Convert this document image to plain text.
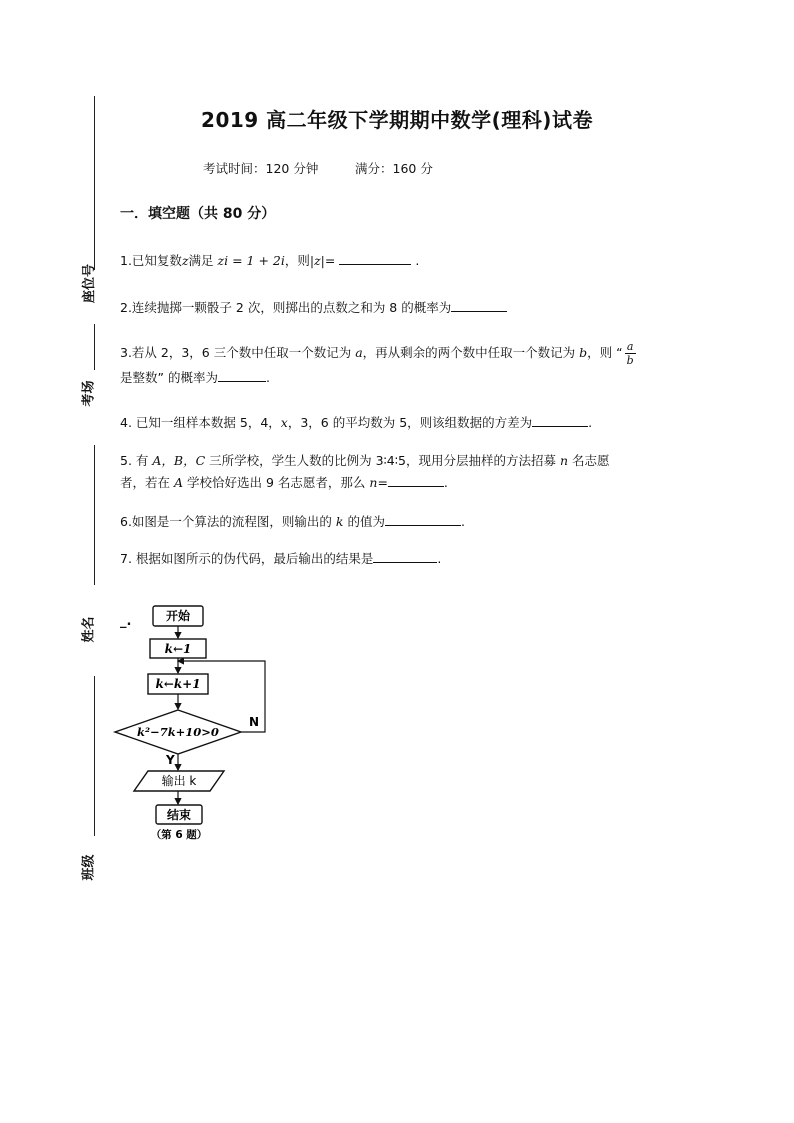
座位号
考场
姓名
班级
_.
2019 高二年级下学期期中数学(理科)试卷
考试时间：120 分钟	满分：160 分
一．填空题（共 80 分）
1.已知复数z满足 zi = 1 + 2i，则|z|=	.
2.连续抛掷一颗骰子 2 次，则掷出的点数之和为 8 的概率为
3.若从 2，3，6 三个数中任取一个数记为 a，再从剩余的两个数中任取一个数记为 b，则 “ $\frac{a}{b}$

是整数” 的概率为	.
4. 已知一组样本数据 5，4，x，3，6 的平均数为 5，则该组数据的方差为	.
5. 有 A，B，C 三所学校，学生人数的比例为 3∶4∶5，现用分层抽样的方法招募 n 名志愿
者，若在 A 学校恰好选出 9 名志愿者，那么 n=	.
6.如图是一个算法的流程图，则输出的 k 的值为	.
7. 根据如图所示的伪代码，最后输出的结果是	.
开始
k←1
k←k+1
k²−7k+10>0
N
Y
输出 k
结束
（第 6 题）
